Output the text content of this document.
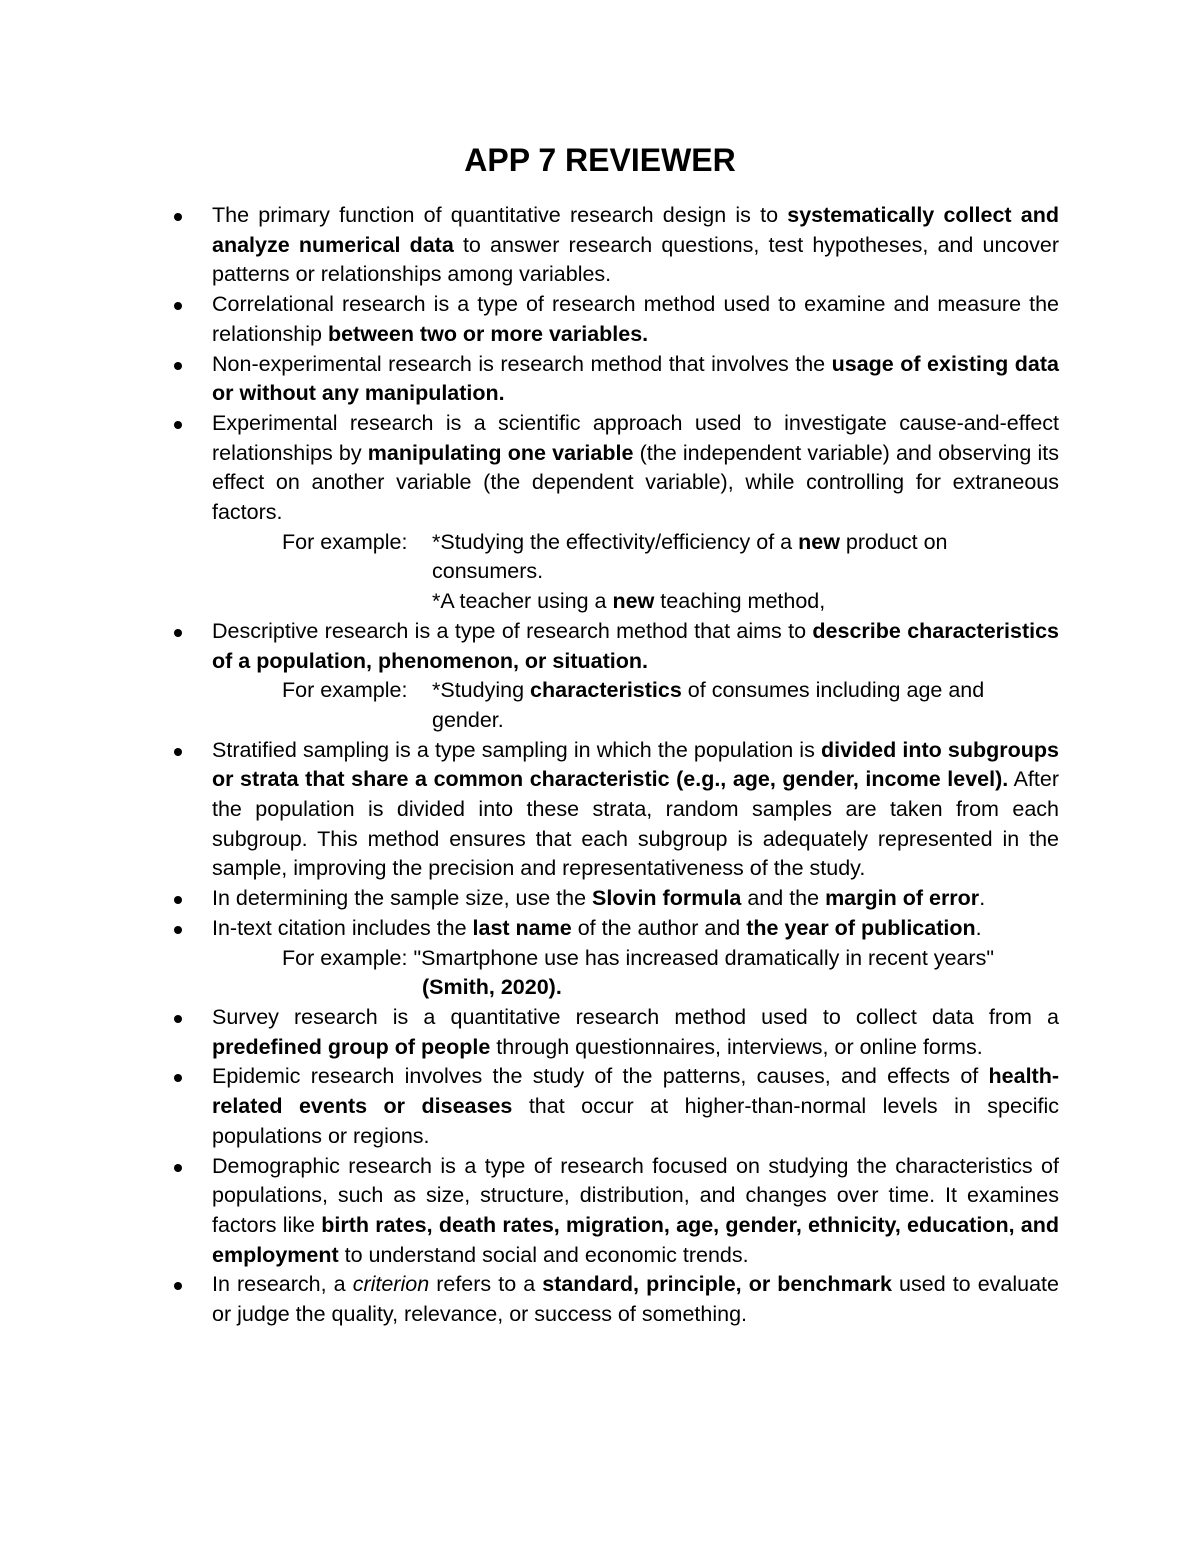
APP 7 REVIEWER
The primary function of quantitative research design is to systematically collect and analyze numerical data to answer research questions, test hypotheses, and uncover patterns or relationships among variables.
Correlational research is a type of research method used to examine and measure the relationship between two or more variables.
Non-experimental research is research method that involves the usage of existing data or without any manipulation.
Experimental research is a scientific approach used to investigate cause-and-effect relationships by manipulating one variable (the independent variable) and observing its effect on another variable (the dependent variable), while controlling for extraneous factors.
For example: *Studying the effectivity/efficiency of a new product on consumers.
*A teacher using a new teaching method,
Descriptive research is a type of research method that aims to describe characteristics of a population, phenomenon, or situation.
For example: *Studying characteristics of consumes including age and gender.
Stratified sampling is a type sampling in which the population is divided into subgroups or strata that share a common characteristic (e.g., age, gender, income level). After the population is divided into these strata, random samples are taken from each subgroup. This method ensures that each subgroup is adequately represented in the sample, improving the precision and representativeness of the study.
In determining the sample size, use the Slovin formula and the margin of error.
In-text citation includes the last name of the author and the year of publication.
For example: "Smartphone use has increased dramatically in recent years"
(Smith, 2020).
Survey research is a quantitative research method used to collect data from a predefined group of people through questionnaires, interviews, or online forms.
Epidemic research involves the study of the patterns, causes, and effects of health-related events or diseases that occur at higher-than-normal levels in specific populations or regions.
Demographic research is a type of research focused on studying the characteristics of populations, such as size, structure, distribution, and changes over time. It examines factors like birth rates, death rates, migration, age, gender, ethnicity, education, and employment to understand social and economic trends.
In research, a criterion refers to a standard, principle, or benchmark used to evaluate or judge the quality, relevance, or success of something.
